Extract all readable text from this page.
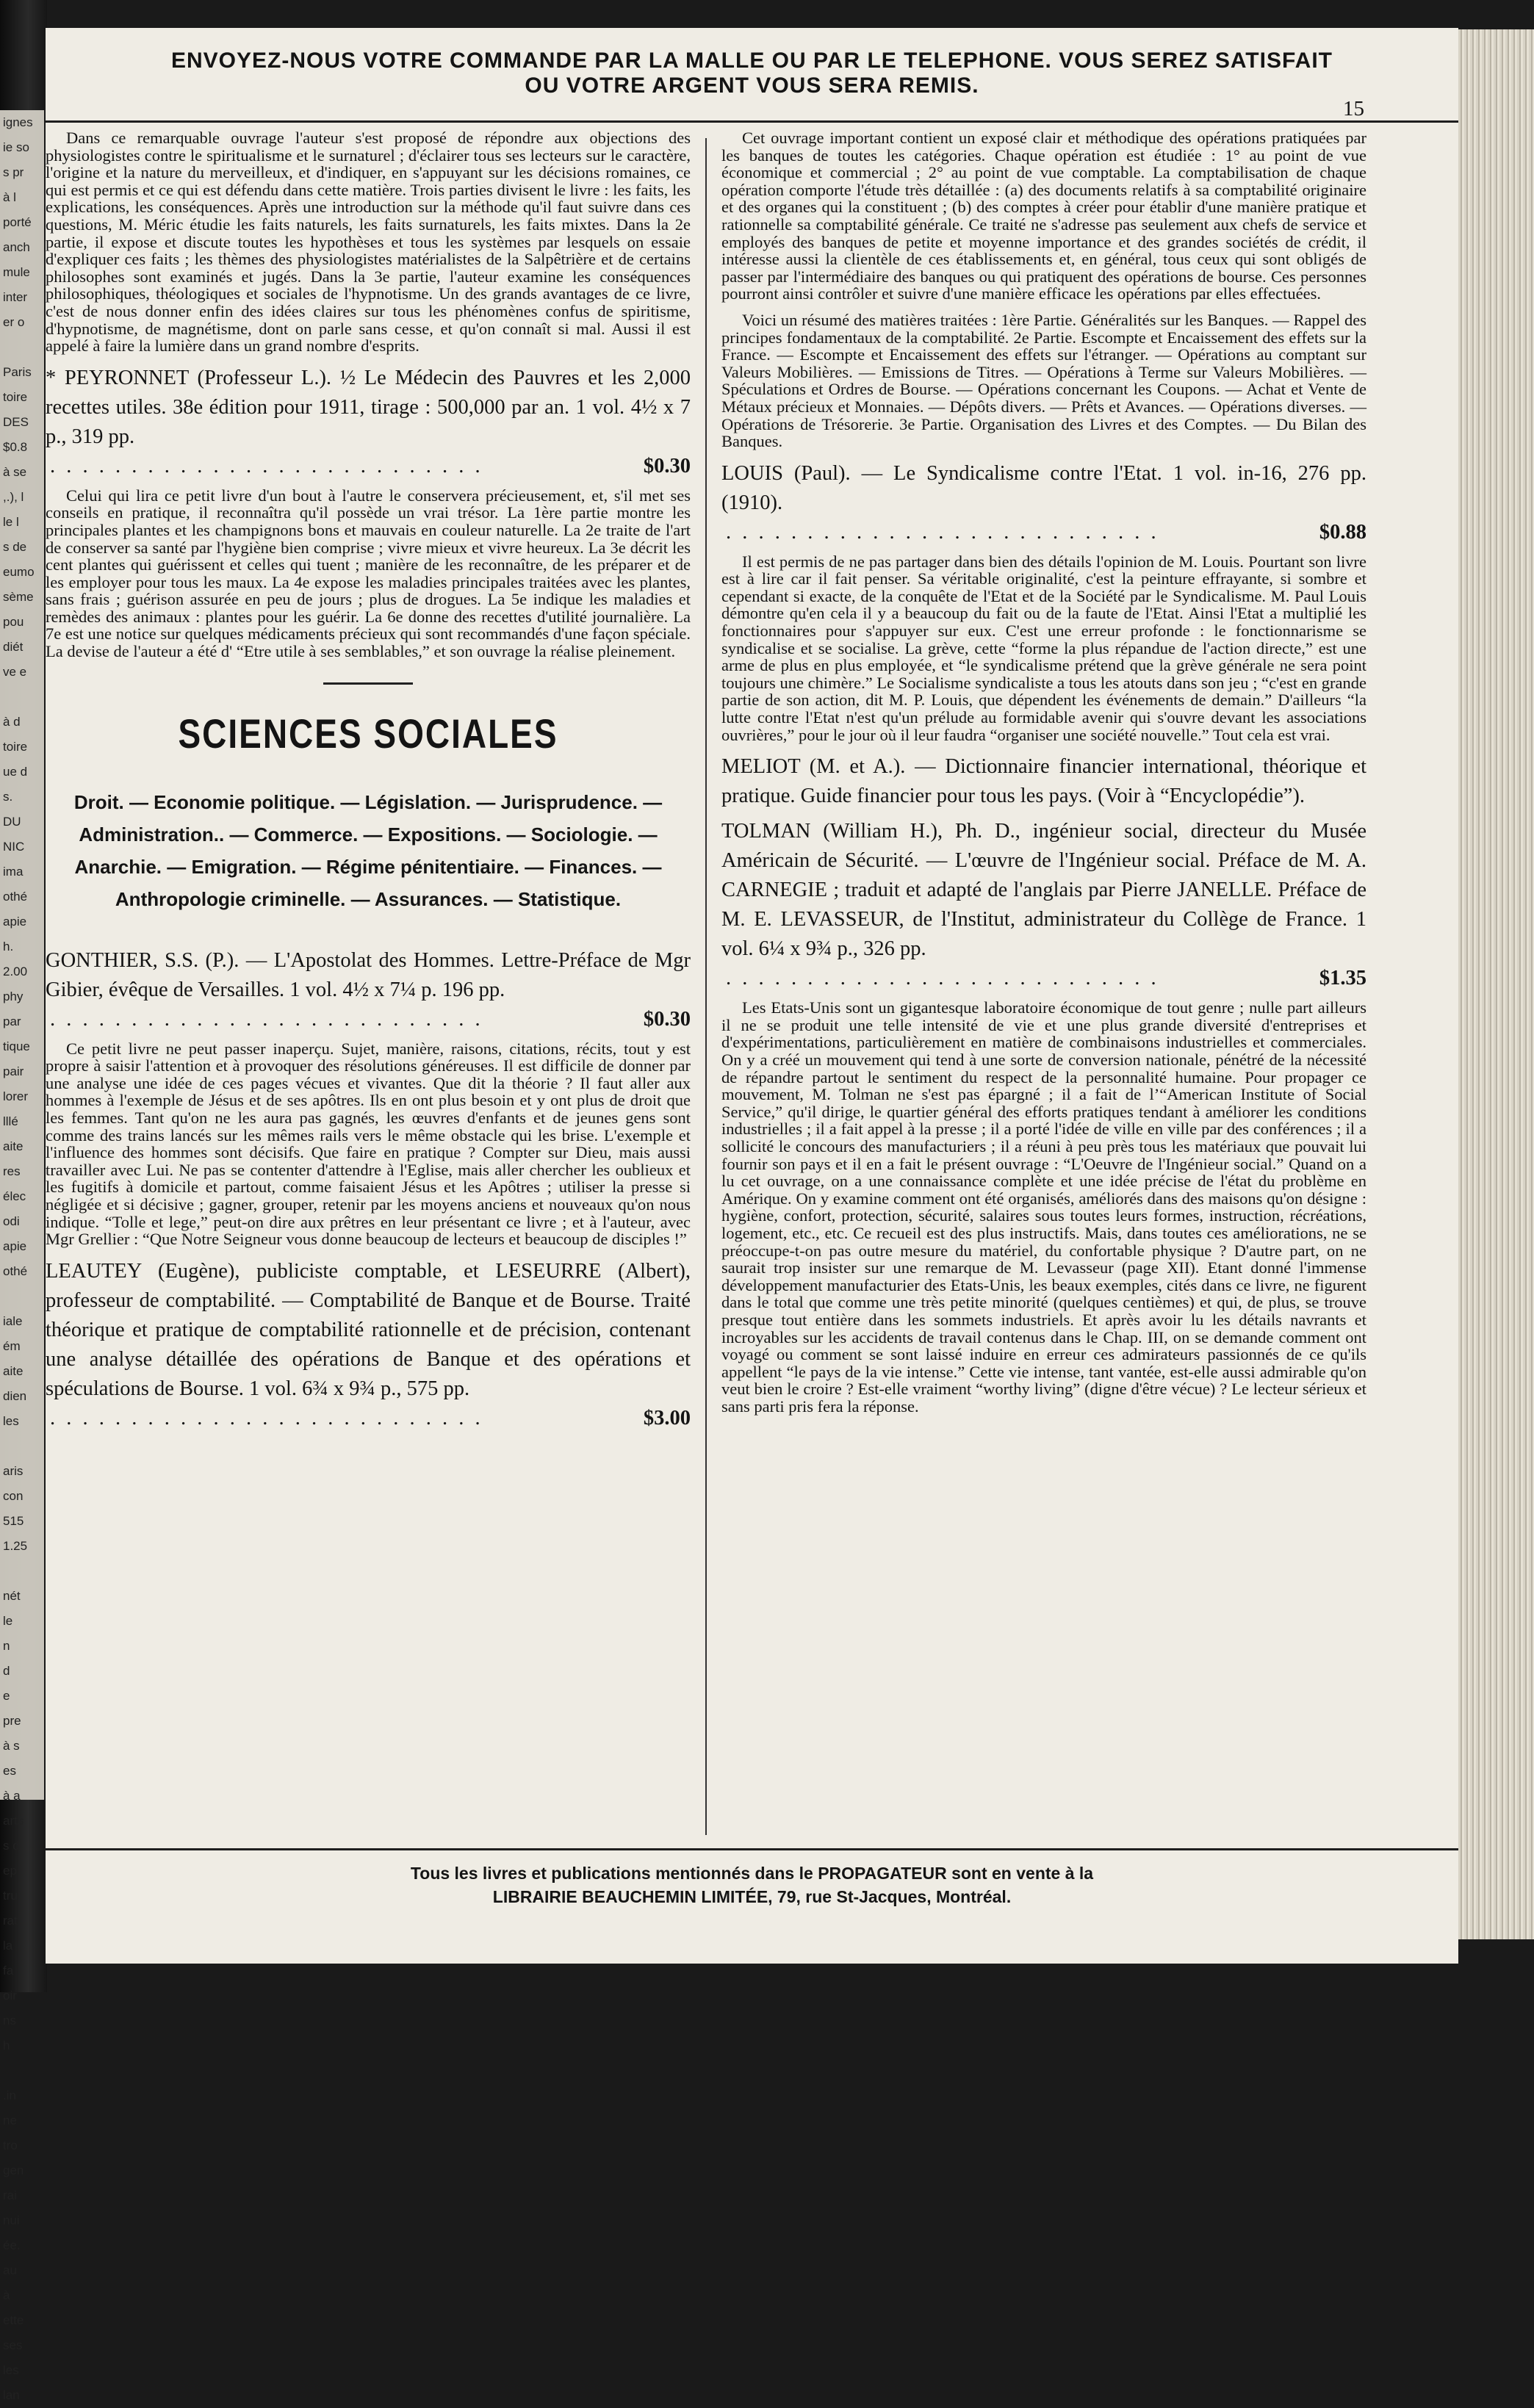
ignes
ie so
s pr
à l
porté
anch
mule
inter
er o

Paris
toire
DES
$0.8
à se
,.), l
le l
s de
eumo
sème
pou
diét
ve e

à d
toire
ue d
s.
DU
NIC
ima
othé
apie
h.
2.00
phy
par
tique
pair
lorer
lllé
aite
res
élec
odi
apie
othé

iale
ém
aite
dien
les

aris
con
515
1.25

nét
le
n
d
e
pre
à s
es
à a
arts
s d
ep
tru
rati
la
fa
oir
ns
h

.in
ne
tro
gen
rai
nui
ée.
au
à
ette
ses
les
lan
ENVOYEZ-NOUS VOTRE COMMANDE PAR LA MALLE OU PAR LE TELEPHONE. VOUS SEREZ SATISFAIT
OU VOTRE ARGENT VOUS SERA REMIS.
15

Dans ce remarquable ouvrage l'auteur s'est proposé de répondre aux objections des physiologistes contre le spiritualisme et le surnaturel ; d'éclairer tous ses lecteurs sur le caractère, l'origine et la nature du merveilleux, et d'indiquer, en s'appuyant sur les décisions romaines, ce qui est permis et ce qui est défendu dans cette matière. Trois parties divisent le livre : les faits, les explications, les conséquences. Après une introduction sur la méthode qu'il faut suivre dans ces questions, M. Méric étudie les faits naturels, les faits surnaturels, les faits mixtes. Dans la 2e partie, il expose et discute toutes les hypothèses et tous les systèmes par lesquels on essaie d'expliquer ces faits ; les thèmes des physiologistes matérialistes de la Salpêtrière et de certains philosophes sont examinés et jugés. Dans la 3e partie, l'auteur examine les conséquences philosophiques, théologiques et sociales de l'hypnotisme. Un des grands avantages de ce livre, c'est de nous donner enfin des idées claires sur tous les phénomènes confus de spiritisme, d'hypnotisme, de magnétisme, dont on parle sans cesse, et qu'on connaît si mal. Aussi il est appelé à faire la lumière dans un grand nombre d'esprits.

* PEYRONNET (Professeur L.). ½ Le Médecin des Pauvres et les 2,000 recettes utiles. 38e édition pour 1911, tirage : 500,000 par an. 1 vol. 4½ x 7 p., 319 pp.
. . . . . . . . . . . . . . . . . . . . . . . . . . .	$0.30

Celui qui lira ce petit livre d'un bout à l'autre le conservera précieusement, et, s'il met ses conseils en pratique, il reconnaîtra qu'il possède un vrai trésor. La 1ère partie montre les principales plantes et les champignons bons et mauvais en couleur naturelle. La 2e traite de l'art de conserver sa santé par l'hygiène bien comprise ; vivre mieux et vivre heureux. La 3e décrit les cent plantes qui guérissent et celles qui tuent ; manière de les reconnaître, de les préparer et de les employer pour tous les maux. La 4e expose les maladies principales traitées avec les plantes, sans frais ; guérison assurée en peu de jours ; plus de drogues. La 5e indique les maladies et remèdes des animaux : plantes pour les guérir. La 6e donne des recettes d'utilité journalière. La 7e est une notice sur quelques médicaments précieux qui sont recommandés d'une façon spéciale. La devise de l'auteur a été d' “Etre utile à ses semblables,” et son ouvrage la réalise pleinement.

SCIENCES SOCIALES
Droit. — Economie politique. — Législation. — Jurisprudence. — Administration.. — Commerce. — Expositions. — Sociologie. — Anarchie. — Emigration. — Régime pénitentiaire. — Finances. — Anthropologie criminelle. — Assurances. — Statistique.
GONTHIER, S.S. (P.). — L'Apostolat des Hommes. Lettre-Préface de Mgr Gibier, évêque de Versailles. 1 vol. 4½ x 7¼ p. 196 pp.
. . . . . . . . . . . . . . . . . . . . . . . . . . .	$0.30

Ce petit livre ne peut passer inaperçu. Sujet, manière, raisons, citations, récits, tout y est propre à saisir l'attention et à provoquer des résolutions généreuses. Il est difficile de donner par une analyse une idée de ces pages vécues et vivantes. Que dit la théorie ? Il faut aller aux hommes à l'exemple de Jésus et de ses apôtres. Ils en ont plus besoin et y ont plus de droit que les femmes. Tant qu'on ne les aura pas gagnés, les œuvres d'enfants et de jeunes gens sont comme des trains lancés sur les mêmes rails vers le même obstacle qui les brise. L'exemple et l'influence des hommes sont décisifs. Que faire en pratique ? Compter sur Dieu, mais aussi travailler avec Lui. Ne pas se contenter d'attendre à l'Eglise, mais aller chercher les oublieux et les fugitifs à domicile et partout, comme faisaient Jésus et les Apôtres ; utiliser la presse si négligée et si décisive ; gagner, grouper, retenir par les moyens anciens et nouveaux qu'on nous indique. “Tolle et lege,” peut-on dire aux prêtres en leur présentant ce livre ; et à l'auteur, avec Mgr Grellier : “Que Notre Seigneur vous donne beaucoup de lecteurs et beaucoup de disciples !”

LEAUTEY (Eugène), publiciste comptable, et LESEURRE (Albert), professeur de comptabilité. — Comptabilité de Banque et de Bourse. Traité théorique et pratique de comptabilité rationnelle et de précision, contenant une analyse détaillée des opérations de Banque et des opérations et spéculations de Bourse. 1 vol. 6¾ x 9¾ p., 575 pp.
. . . . . . . . . . . . . . . . . . . . . . . . . . .	$3.00

Cet ouvrage important contient un exposé clair et méthodique des opérations pratiquées par les banques de toutes les catégories. Chaque opération est étudiée : 1° au point de vue économique et commercial ; 2° au point de vue comptable. La comptabilisation de chaque opération comporte l'étude très détaillée : (a) des documents relatifs à sa comptabilité originaire et des organes qui la constituent ; (b) des comptes à créer pour établir d'une manière pratique et rationnelle sa comptabilité générale. Ce traité ne s'adresse pas seulement aux chefs de service et employés des banques de petite et moyenne importance et des grandes sociétés de crédit, il intéresse aussi la clientèle de ces établissements et, en général, tous ceux qui sont obligés de passer par l'intermédiaire des banques ou qui pratiquent des opérations de bourse. Ces personnes pourront ainsi contrôler et suivre d'une manière efficace les opérations par elles effectuées.

Voici un résumé des matières traitées : 1ère Partie. Généralités sur les Banques. — Rappel des principes fondamentaux de la comptabilité. 2e Partie. Escompte et Encaissement des effets sur la France. — Escompte et Encaissement des effets sur l'étranger. — Opérations au comptant sur Valeurs Mobilières. — Emissions de Titres. — Opérations à Terme sur Valeurs Mobilières. — Spéculations et Ordres de Bourse. — Opérations concernant les Coupons. — Achat et Vente de Métaux précieux et Monnaies. — Dépôts divers. — Prêts et Avances. — Opérations diverses. — Opérations de Trésorerie. 3e Partie. Organisation des Livres et des Comptes. — Du Bilan des Banques.

LOUIS (Paul). — Le Syndicalisme contre l'Etat. 1 vol. in-16, 276 pp. (1910).
. . . . . . . . . . . . . . . . . . . . . . . . . . .	$0.88

Il est permis de ne pas partager dans bien des détails l'opinion de M. Louis. Pourtant son livre est à lire car il fait penser. Sa véritable originalité, c'est la peinture effrayante, si sombre et cependant si exacte, de la conquête de l'Etat et de la Société par le Syndicalisme. M. Paul Louis démontre qu'en cela il y a beaucoup du fait ou de la faute de l'Etat. Ainsi l'Etat a multiplié les fonctionnaires pour s'appuyer sur eux. C'est une erreur profonde : le fonctionnarisme se syndicalise et se socialise. La grève, cette “forme la plus répandue de l'action directe,” est une arme de plus en plus employée, et “le syndicalisme prétend que la grève générale ne sera point toujours une chimère.” Le Socialisme syndicaliste a tous les atouts dans son jeu ; “c'est en grande partie de son action, dit M. P. Louis, que dépendent les événements de demain.” D'ailleurs “la lutte contre l'Etat n'est qu'un prélude au formidable avenir qui s'ouvre devant les associations ouvrières,” pour le jour où il leur faudra “organiser une société nouvelle.” Tout cela est vrai.

MELIOT (M. et A.). — Dictionnaire financier international, théorique et pratique. Guide financier pour tous les pays. (Voir à “Encyclopédie”).
TOLMAN (William H.), Ph. D., ingénieur social, directeur du Musée Américain de Sécurité. — L'œuvre de l'Ingénieur social. Préface de M. A. CARNEGIE ; traduit et adapté de l'anglais par Pierre JANELLE. Préface de M. E. LEVASSEUR, de l'Institut, administrateur du Collège de France. 1 vol. 6¼ x 9¾ p., 326 pp.
. . . . . . . . . . . . . . . . . . . . . . . . . . .	$1.35

Les Etats-Unis sont un gigantesque laboratoire économique de tout genre ; nulle part ailleurs il ne se produit une telle intensité de vie et une plus grande diversité d'entreprises et d'expérimentations, particulièrement en matière de combinaisons industrielles et commerciales. On y a créé un mouvement qui tend à une sorte de conversion nationale, pénétré de la nécessité de répandre partout le sentiment du respect de la personnalité humaine. Pour propager ce mouvement, M. Tolman ne s'est pas épargné ; il a fait de l’“American Institute of Social Service,” qu'il dirige, le quartier général des efforts pratiques tendant à améliorer les conditions industrielles ; il a fait appel à la presse ; il a porté l'idée de ville en ville par des conférences ; il a sollicité le concours des manufacturiers ; il a réuni à peu près tous les matériaux que pouvait lui fournir son pays et il en a fait le présent ouvrage : “L'Oeuvre de l'Ingénieur social.” Quand on a lu cet ouvrage, on a une connaissance complète et une idée précise de l'état du problème en Amérique. On y examine comment ont été organisés, améliorés dans des maisons qu'on désigne : hygiène, confort, protection, sécurité, salaires sous toutes leurs formes, instruction, récréations, logement, etc., etc. Ce recueil est des plus instructifs. Mais, dans toutes ces améliorations, ne se préoccupe-t-on pas outre mesure du matériel, du confortable physique ? D'autre part, on ne saurait trop insister sur une remarque de M. Levasseur (page XII). Etant donné l'immense développement manufacturier des Etats-Unis, les beaux exemples, cités dans ce livre, ne figurent dans le total que comme une très petite minorité (quelques centièmes) et qui, de plus, se trouve presque tout entière dans les sommets industriels. Et après avoir lu les détails navrants et incroyables sur les accidents de travail contenus dans le Chap. III, on se demande comment ont voyagé ou comment se sont laissé induire en erreur ces admirateurs passionnés de ce qu'ils appellent “le pays de la vie intense.” Cette vie intense, tant vantée, est-elle aussi admirable qu'on veut bien le croire ? Est-elle vraiment “worthy living” (digne d'être vécue) ? Le lecteur sérieux et sans parti pris fera la réponse.

Tous les livres et publications mentionnés dans le PROPAGATEUR sont en vente à la
LIBRAIRIE BEAUCHEMIN LIMITÉE, 79, rue St-Jacques, Montréal.
